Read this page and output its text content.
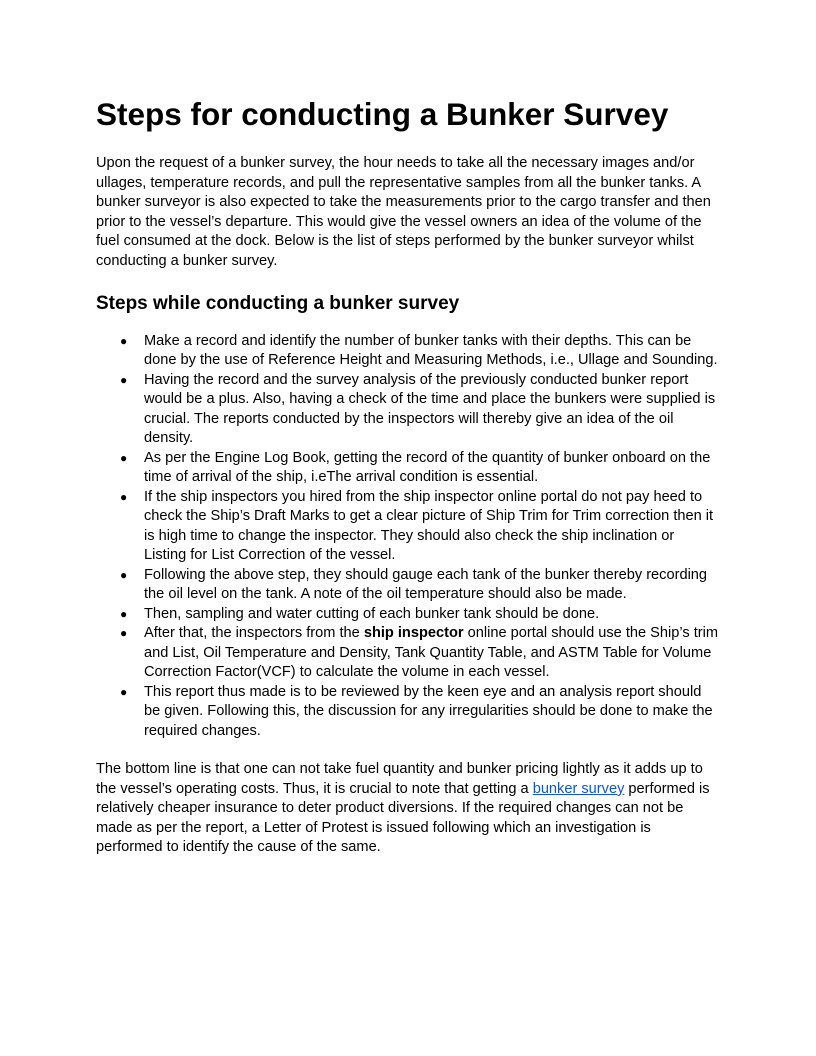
Steps for conducting a Bunker Survey

Upon the request of a bunker survey, the hour needs to take all the necessary images and/or ullages, temperature records, and pull the representative samples from all the bunker tanks. A bunker surveyor is also expected to take the measurements prior to the cargo transfer and then prior to the vessel’s departure. This would give the vessel owners an idea of the volume of the fuel consumed at the dock. Below is the list of steps performed by the bunker surveyor whilst conducting a bunker survey.

Steps while conducting a bunker survey
● Make a record and identify the number of bunker tanks with their depths. This can be done by the use of Reference Height and Measuring Methods, i.e., Ullage and Sounding.
● Having the record and the survey analysis of the previously conducted bunker report would be a plus. Also, having a check of the time and place the bunkers were supplied is crucial. The reports conducted by the inspectors will thereby give an idea of the oil density.
● As per the Engine Log Book, getting the record of the quantity of bunker onboard on the time of arrival of the ship, i.eThe arrival condition is essential.
● If the ship inspectors you hired from the ship inspector online portal do not pay heed to check the Ship’s Draft Marks to get a clear picture of Ship Trim for Trim correction then it is high time to change the inspector. They should also check the ship inclination or Listing for List Correction of the vessel.
● Following the above step, they should gauge each tank of the bunker thereby recording the oil level on the tank. A note of the oil temperature should also be made.
● Then, sampling and water cutting of each bunker tank should be done.
● After that, the inspectors from the ship inspector online portal should use the Ship’s trim and List, Oil Temperature and Density, Tank Quantity Table, and ASTM Table for Volume Correction Factor(VCF) to calculate the volume in each vessel.
● This report thus made is to be reviewed by the keen eye and an analysis report should be given. Following this, the discussion for any irregularities should be done to make the required changes.

The bottom line is that one can not take fuel quantity and bunker pricing lightly as it adds up to the vessel’s operating costs. Thus, it is crucial to note that getting a bunker survey performed is relatively cheaper insurance to deter product diversions. If the required changes can not be made as per the report, a Letter of Protest is issued following which an investigation is performed to identify the cause of the same.
